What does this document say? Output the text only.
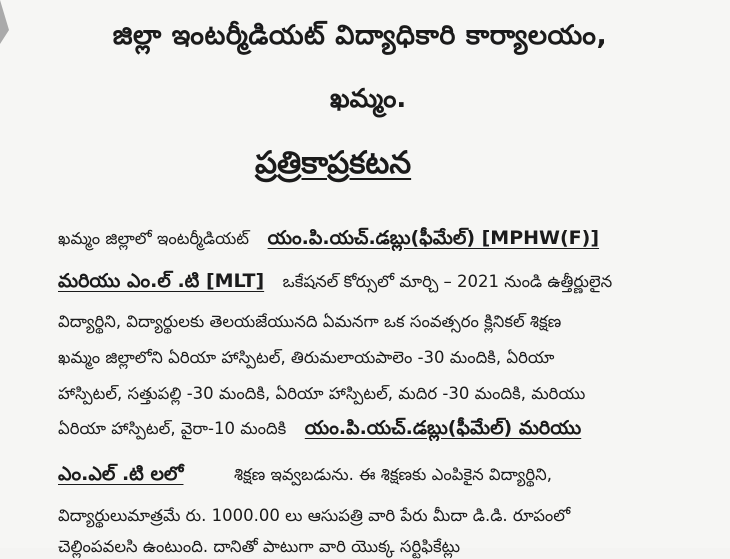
జిల్లా ఇంటర్మీడియట్ విద్యాధికారి కార్యాలయం,
ఖమ్మం.
ప్రత్రికాప్రకటన
ఖమ్మం జిల్లాలో ఇంటర్మీడియట్ యం.పి.యచ్.డబ్లు(ఫీమేల్) [MPHW(F)]
మరియు ఎం.ల్ .టి [MLT] ఒకేషనల్ కోర్సులో మార్చి – 2021 నుండి ఉత్తీర్ణులైన
విద్యార్థిని, విద్యార్థులకు తెలయజేయునది ఏమనగా ఒక సంవత్సరం క్లినికల్ శిక్షణ
ఖమ్మం జిల్లాలోని ఏరియా హాస్పిటల్, తిరుమలాయపాలెం -30 మందికి, ఏరియా
హాస్పిటల్, సత్తుపల్లి -30 మందికి, ఏరియా హాస్పిటల్, మదిర -30 మందికి, మరియు
ఏరియా హాస్పిటల్, వైరా-10 మందికి యం.పి.యచ్.డబ్లు(ఫీమేల్) మరియు
ఎం.ఎల్ .టి లలో	శిక్షణ ఇవ్వబడును. ఈ శిక్షణకు ఎంపికైన విద్యార్థిని,
విద్యార్థులుమాత్రమే రు. 1000.00 లు ఆసుపత్రి వారి పేరు మీదా డి.డి. రూపంలో
చెల్లింపవలసి ఉంటుంది. దానితో పాటుగా వారి యొక్క సర్టిఫికేట్లు
